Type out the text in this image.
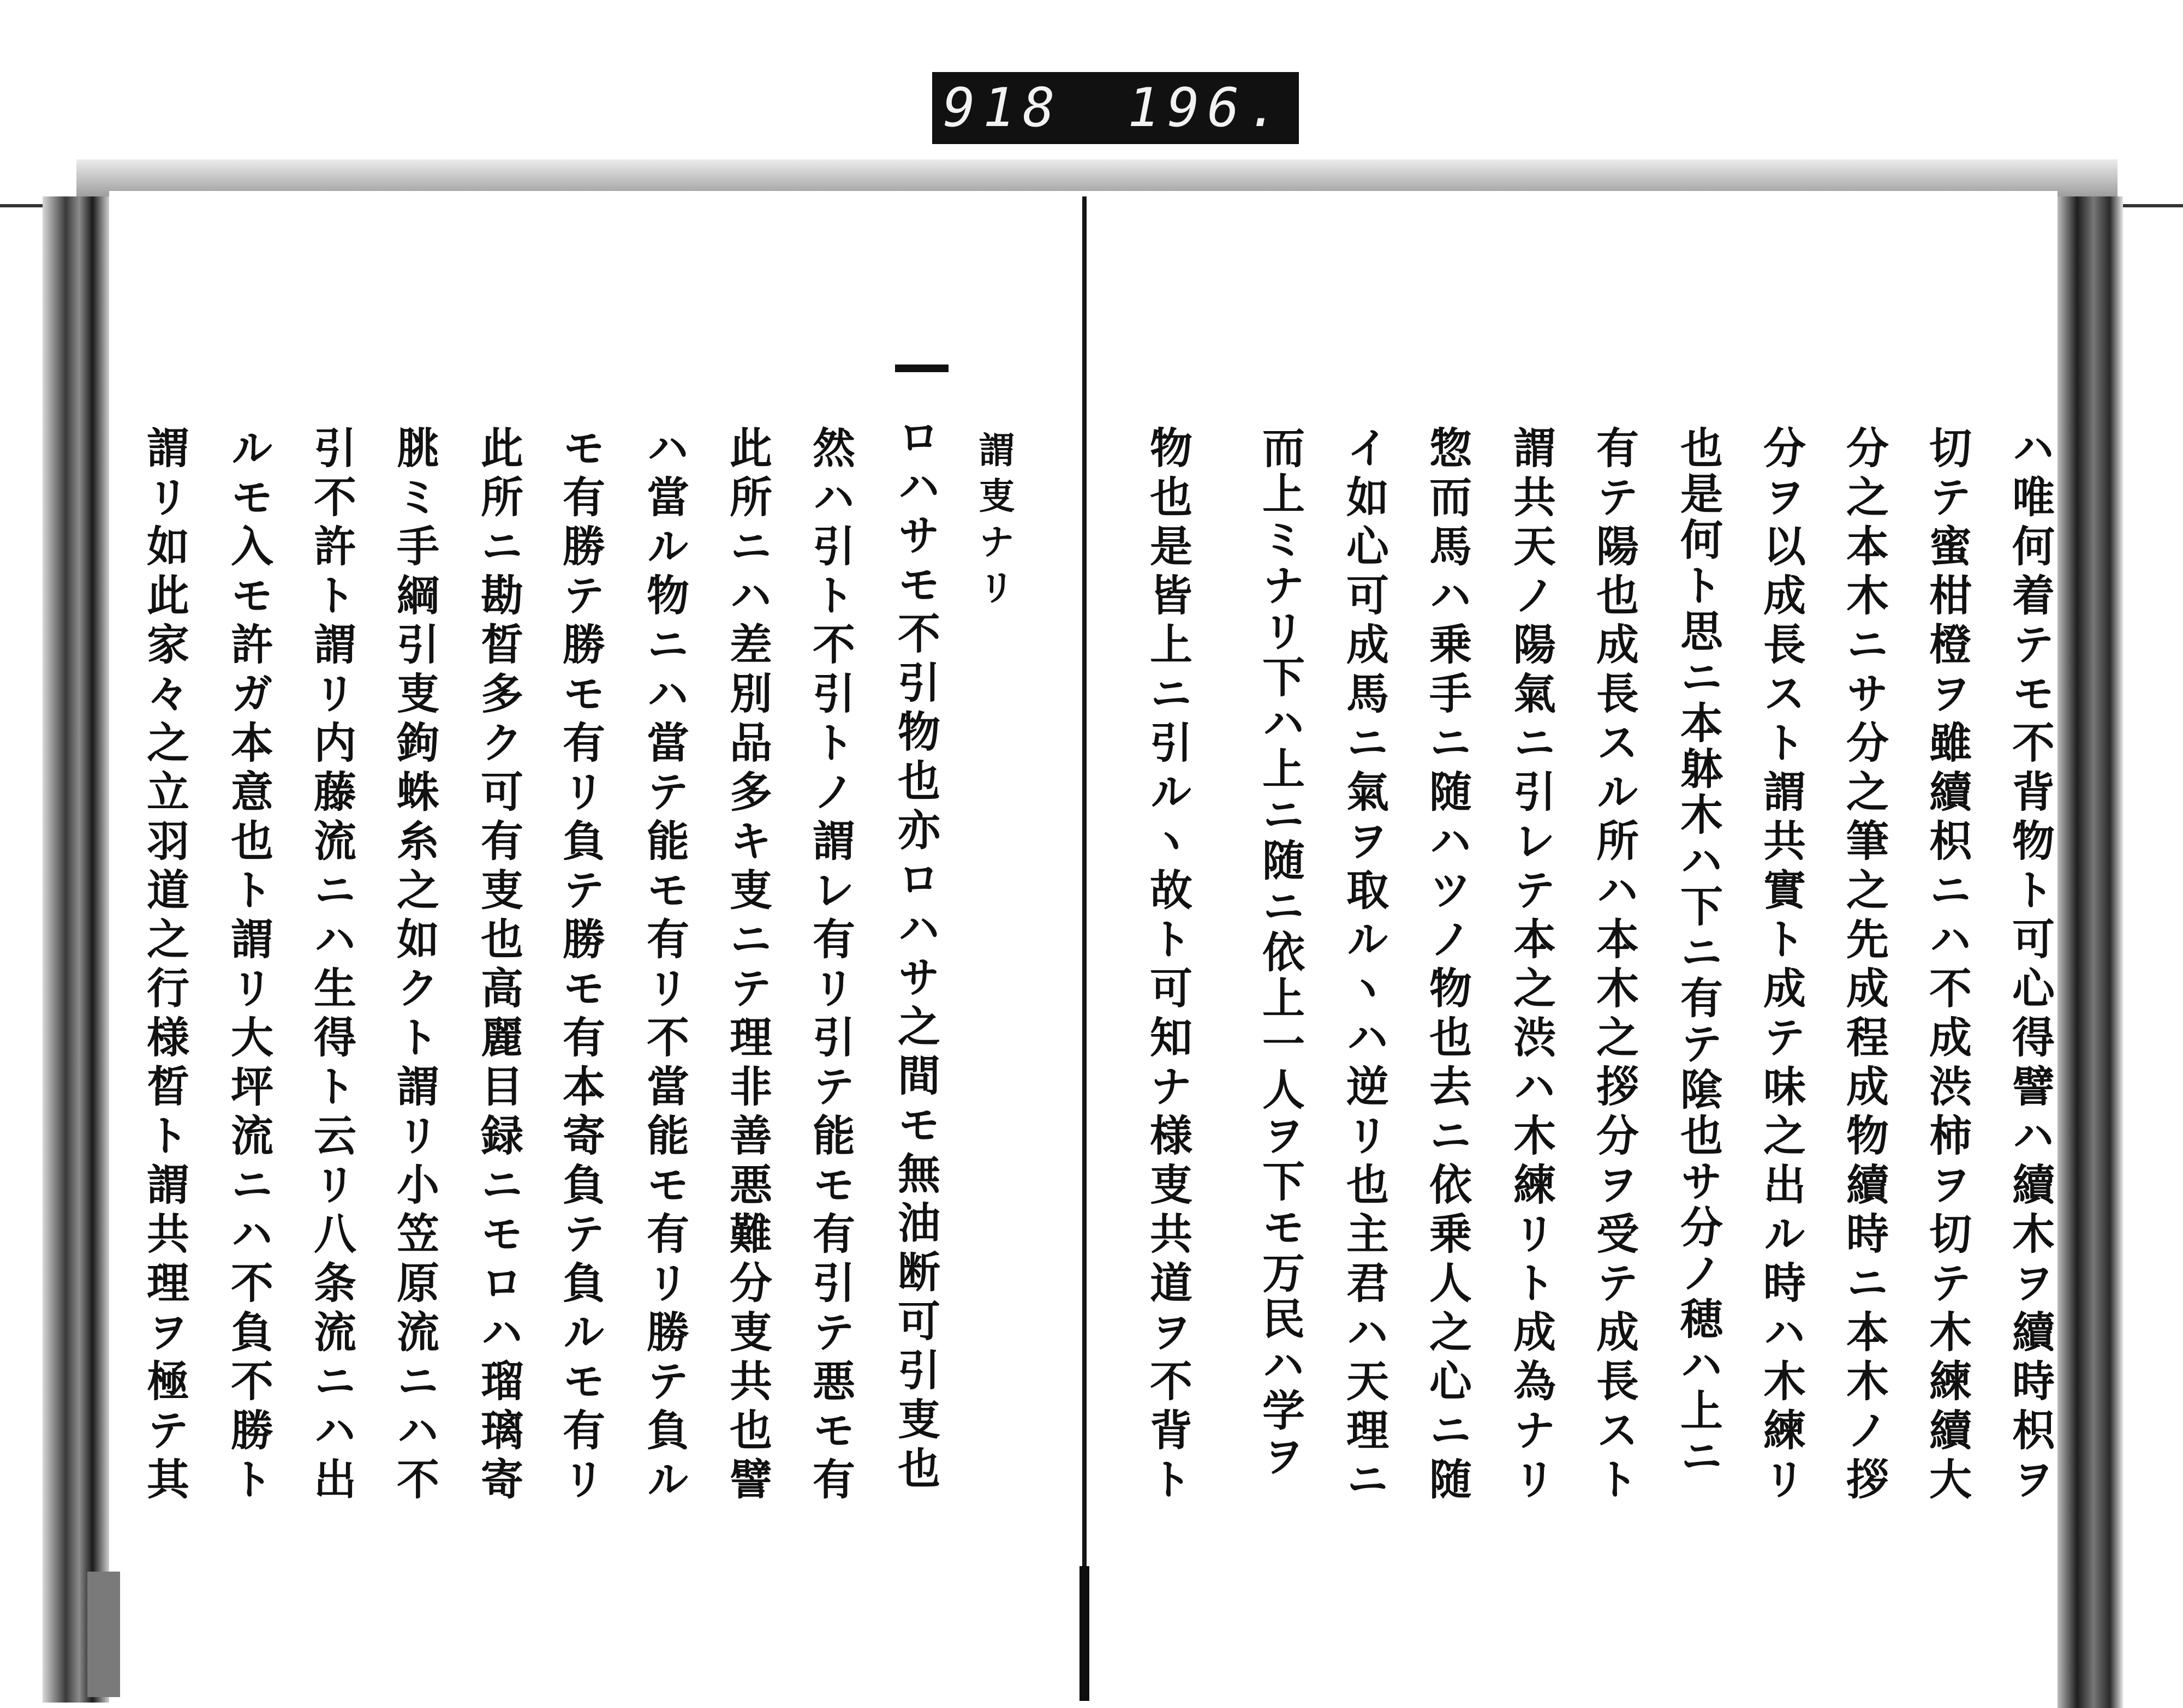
918 196.
ロハサモ不引物也亦ロハサ之間モ無油断可引叓也 謂叓ナリ
然ハ引ト不引トノ謂レ有リ引テ能モ有引テ悪モ有
此所ニハ差別品多キ叓ニテ理非善悪難分叓共也譬
ハ當ル物ニハ當テ能モ有リ不當能モ有リ勝テ負ル
モ有勝テ勝モ有リ負テ勝モ有本寄負テ負ルモ有リ
此所ニ勘晳多ク可有叓也高麗目録ニモロハ瑠璃寄
朓ミ手綱引叓鉤蛛糸之如クト謂リ小笠原流ニハ不
引不許ト謂リ内藤流ニハ生得ト云リ八条流ニハ出
ルモ入モ許ガ本意也ト謂リ大坪流ニハ不負不勝ト
謂リ如此家々之立羽道之行様晳ト謂共理ヲ極テ其	ハ唯何着テモ不背物ト可心得譬ハ續木ヲ續時枳ヲ
切テ蜜柑橙ヲ雖續枳ニハ不成渋柿ヲ切テ木練續大
分之本木ニサ分之筆之先成程成物續時ニ本木ノ拶
分ヲ以成長スト謂共實ト成テ味之出ル時ハ木練リ
也是何ト思ニ本躰木ハ下ニ有テ隂也サ分ノ穂ハ上ニ
有テ陽也成長スル所ハ本木之拶分ヲ受テ成長スト
謂共天ノ陽氣ニ引レテ本之渋ハ木練リト成為ナリ
惣而馬ハ乗手ニ随ハツノ物也去ニ依乗人之心ニ随
イ如心可成馬ニ氣ヲ取ルヽハ逆リ也主君ハ天理ニ
而上ミナリ下ハ上ニ随ニ依上一人ヲ下モ万民ハ学ヲ
物也是皆上ニ引ルヽ故ト可知ナ様叓共道ヲ不背ト
